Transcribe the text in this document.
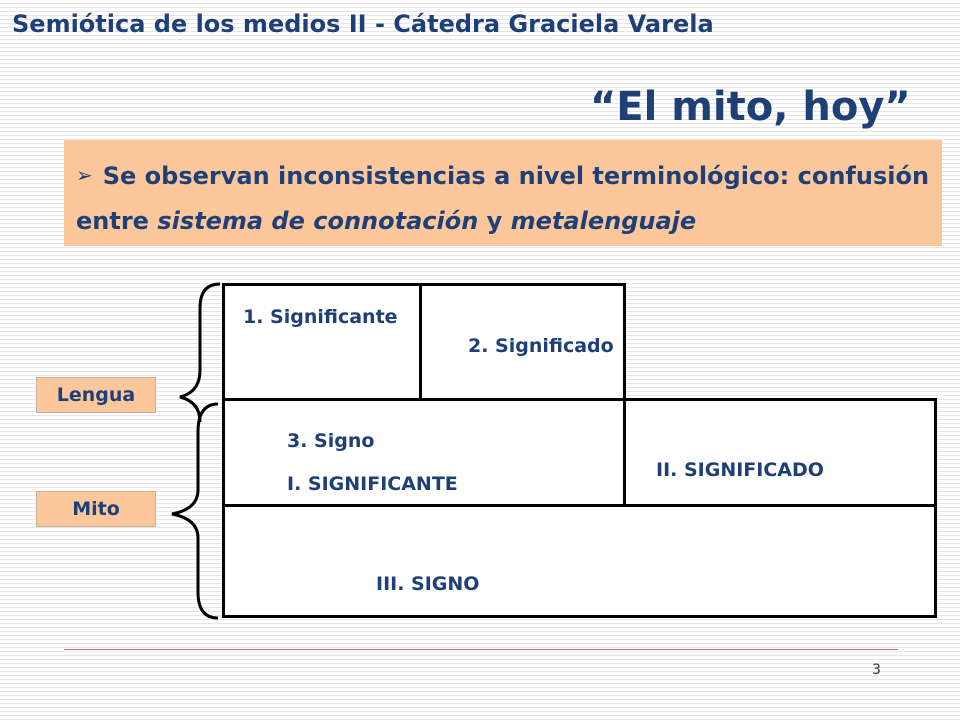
Semiótica de los medios II - Cátedra Graciela Varela
“El mito, hoy”
➢ Se observan inconsistencias a nivel terminológico: confusión entre sistema de connotación y metalenguaje
Lengua
Mito
1. Significante
2. Significado
3. Signo
I. SIGNIFICANTE
II. SIGNIFICADO
III. SIGNO
3
